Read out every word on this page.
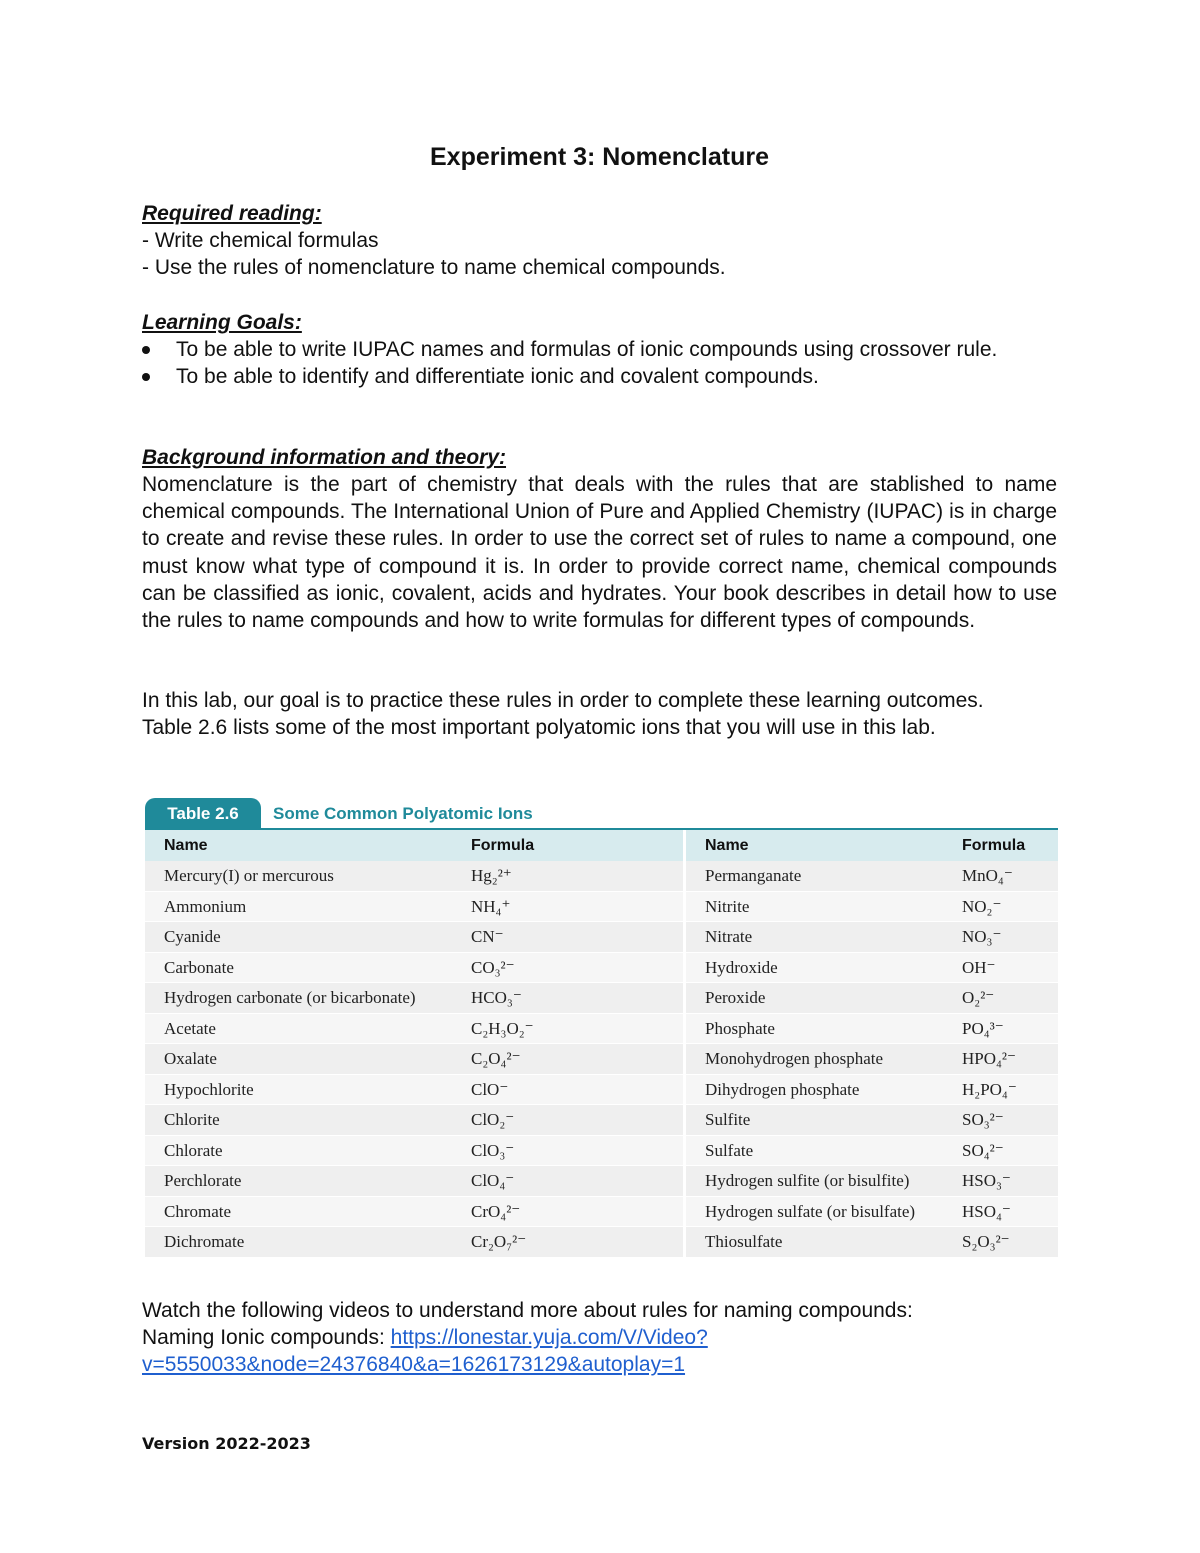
Experiment 3: Nomenclature

Required reading:

- Write chemical formulas

- Use the rules of nomenclature to name chemical compounds.

Learning Goals:

To be able to write IUPAC names and formulas of ionic compounds using crossover rule.
To be able to identify and differentiate ionic and covalent compounds.

Background information and theory:

Nomenclature is the part of chemistry that deals with the rules that are stablished to name chemical compounds. The International Union of Pure and Applied Chemistry (IUPAC) is in charge to create and revise these rules. In order to use the correct set of rules to name a compound, one must know what type of compound it is. In order to provide correct name, chemical compounds can be classified as ionic, covalent, acids and hydrates. Your book describes in detail how to use the rules to name compounds and how to write formulas for different types of compounds.

In this lab, our goal is to practice these rules in order to complete these learning outcomes.

Table 2.6 lists some of the most important polyatomic ions that you will use in this lab.

Table 2.6	Some Common Polyatomic Ions
Name	Formula
Mercury(I) or mercurous	Hg₂²⁺
Ammonium	NH₄⁺
Cyanide	CN⁻
Carbonate	CO₃²⁻
Hydrogen carbonate (or bicarbonate)	HCO₃⁻
Acetate	C₂H₃O₂⁻
Oxalate	C₂O₄²⁻
Hypochlorite	ClO⁻
Chlorite	ClO₂⁻
Chlorate	ClO₃⁻
Perchlorate	ClO₄⁻
Chromate	CrO₄²⁻
Dichromate	Cr₂O₇²⁻
Name	Formula
Permanganate	MnO₄⁻
Nitrite	NO₂⁻
Nitrate	NO₃⁻
Hydroxide	OH⁻
Peroxide	O₂²⁻
Phosphate	PO₄³⁻
Monohydrogen phosphate	HPO₄²⁻
Dihydrogen phosphate	H₂PO₄⁻
Sulfite	SO₃²⁻
Sulfate	SO₄²⁻
Hydrogen sulfite (or bisulfite)	HSO₃⁻
Hydrogen sulfate (or bisulfate)	HSO₄⁻
Thiosulfate	S₂O₃²⁻

Watch the following videos to understand more about rules for naming compounds:

Naming Ionic compounds: https://lonestar.yuja.com/V/Video?

v=5550033&node=24376840&a=1626173129&autoplay=1

Version 2022-2023
